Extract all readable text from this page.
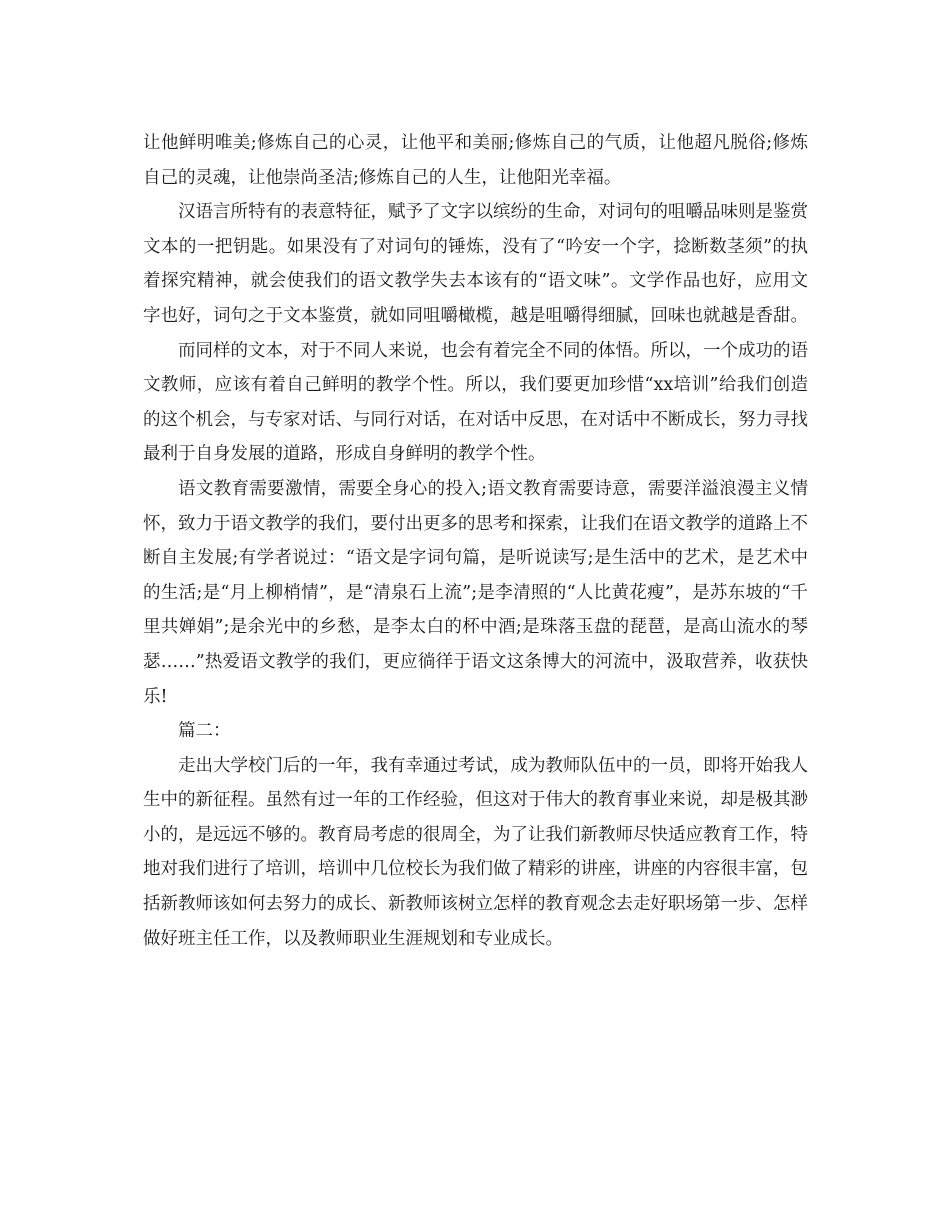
让他鲜明唯美;修炼自己的心灵，让他平和美丽;修炼自己的气质，让他超凡脱俗;修炼自己的灵魂，让他崇尚圣洁;修炼自己的人生，让他阳光幸福。

汉语言所特有的表意特征，赋予了文字以缤纷的生命，对词句的咀嚼品味则是鉴赏文本的一把钥匙。如果没有了对词句的锤炼，没有了“吟安一个字，捻断数茎须”的执着探究精神，就会使我们的语文教学失去本该有的“语文味”。文学作品也好，应用文字也好，词句之于文本鉴赏，就如同咀嚼橄榄，越是咀嚼得细腻，回味也就越是香甜。

而同样的文本，对于不同人来说，也会有着完全不同的体悟。所以，一个成功的语文教师，应该有着自己鲜明的教学个性。所以，我们要更加珍惜“xx培训”给我们创造的这个机会，与专家对话、与同行对话，在对话中反思，在对话中不断成长，努力寻找最利于自身发展的道路，形成自身鲜明的教学个性。

语文教育需要激情，需要全身心的投入;语文教育需要诗意，需要洋溢浪漫主义情怀，致力于语文教学的我们，要付出更多的思考和探索，让我们在语文教学的道路上不断自主发展;有学者说过：“语文是字词句篇，是听说读写;是生活中的艺术，是艺术中的生活;是“月上柳梢情”，是“清泉石上流”;是李清照的“人比黄花瘦”，是苏东坡的“千里共婵娟”;是余光中的乡愁，是李太白的杯中酒;是珠落玉盘的琵琶，是高山流水的琴瑟……”热爱语文教学的我们，更应徜徉于语文这条博大的河流中，汲取营养，收获快乐!

篇二：

走出大学校门后的一年，我有幸通过考试，成为教师队伍中的一员，即将开始我人生中的新征程。虽然有过一年的工作经验，但这对于伟大的教育事业来说，却是极其渺小的，是远远不够的。教育局考虑的很周全，为了让我们新教师尽快适应教育工作，特地对我们进行了培训，培训中几位校长为我们做了精彩的讲座，讲座的内容很丰富，包括新教师该如何去努力的成长、新教师该树立怎样的教育观念去走好职场第一步、怎样做好班主任工作，以及教师职业生涯规划和专业成长。
